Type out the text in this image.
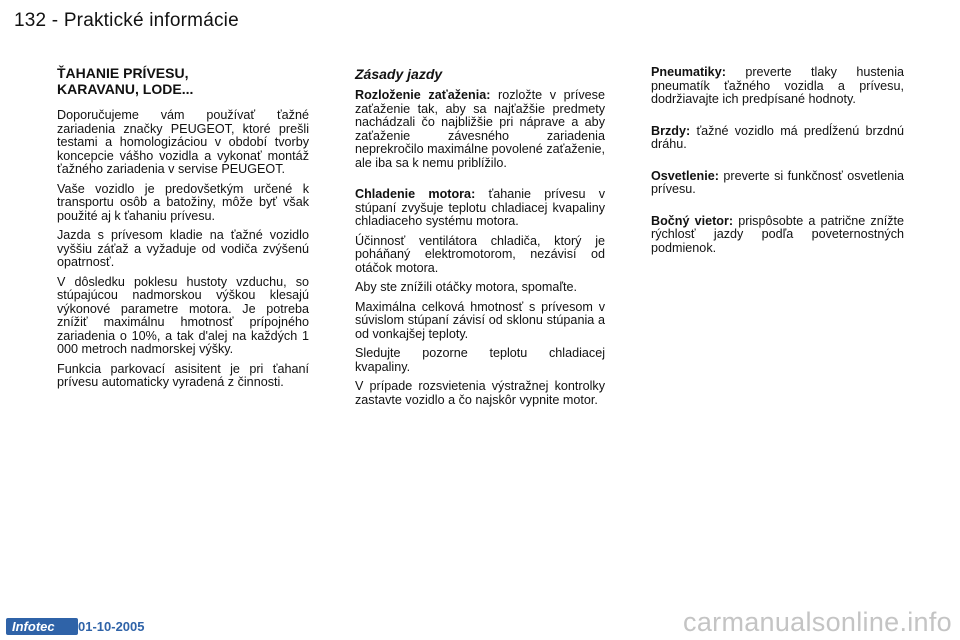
132 - Praktické informácie
ŤAHANIE PRÍVESU,
KARAVANU, LODE...

Doporučujeme vám používať ťažné zariadenia značky PEUGEOT, ktoré prešli testami a homologizáciou v období tvorby koncepcie vášho vozidla a vykonať montáž ťažného zariadenia v servise PEUGEOT.

Vaše vozidlo je predovšetkým určené k transportu osôb a batožiny, môže byť však použité aj k ťahaniu prívesu.

Jazda s prívesom kladie na ťažné vozidlo vyššiu záťaž a vyžaduje od vodiča zvýšenú opatrnosť.

V dôsledku poklesu hustoty vzduchu, so stúpajúcou nadmorskou výškou klesajú výkonové parametre motora. Je potreba znížiť maximálnu hmotnosť prípojného zariadenia o 10%, a tak d'alej na každých 1 000 metroch nadmorskej výšky.

Funkcia parkovací asisitent je pri ťahaní prívesu automaticky vyradená z činnosti.

Zásady jazdy

Rozloženie zaťaženia: rozložte v prívese zaťaženie tak, aby sa najťažšie predmety nachádzali čo najbližšie pri náprave a aby zaťaženie závesného zariadenia neprekročilo maximálne povolené zaťaženie, ale iba sa k nemu priblížilo.

Chladenie motora: ťahanie prívesu v stúpaní zvyšuje teplotu chladiacej kvapaliny chladiaceho systému motora.

Účinnosť ventilátora chladiča, ktorý je poháňaný elektromotorom, nezávisí od otáčok motora.

Aby ste znížili otáčky motora, spomaľte.

Maximálna celková hmotnosť s prívesom v súvislom stúpaní závisí od sklonu stúpania a od vonkajšej teploty.

Sledujte pozorne teplotu chladiacej kvapaliny.

V prípade rozsvietenia výstražnej kontrolky zastavte vozidlo a čo najskôr vypnite motor.

Pneumatiky: preverte tlaky hustenia pneumatík ťažného vozidla a prívesu, dodržiavajte ich predpísané hodnoty.

Brzdy: ťažné vozidlo má predĺženú brzdnú dráhu.

Osvetlenie: preverte si funkčnosť osvetlenia prívesu.

Bočný vietor: prispôsobte a patrične znížte rýchlosť jazdy podľa poveternostných podmienok.

Infotec	01-10-2005	carmanualsonline.info
